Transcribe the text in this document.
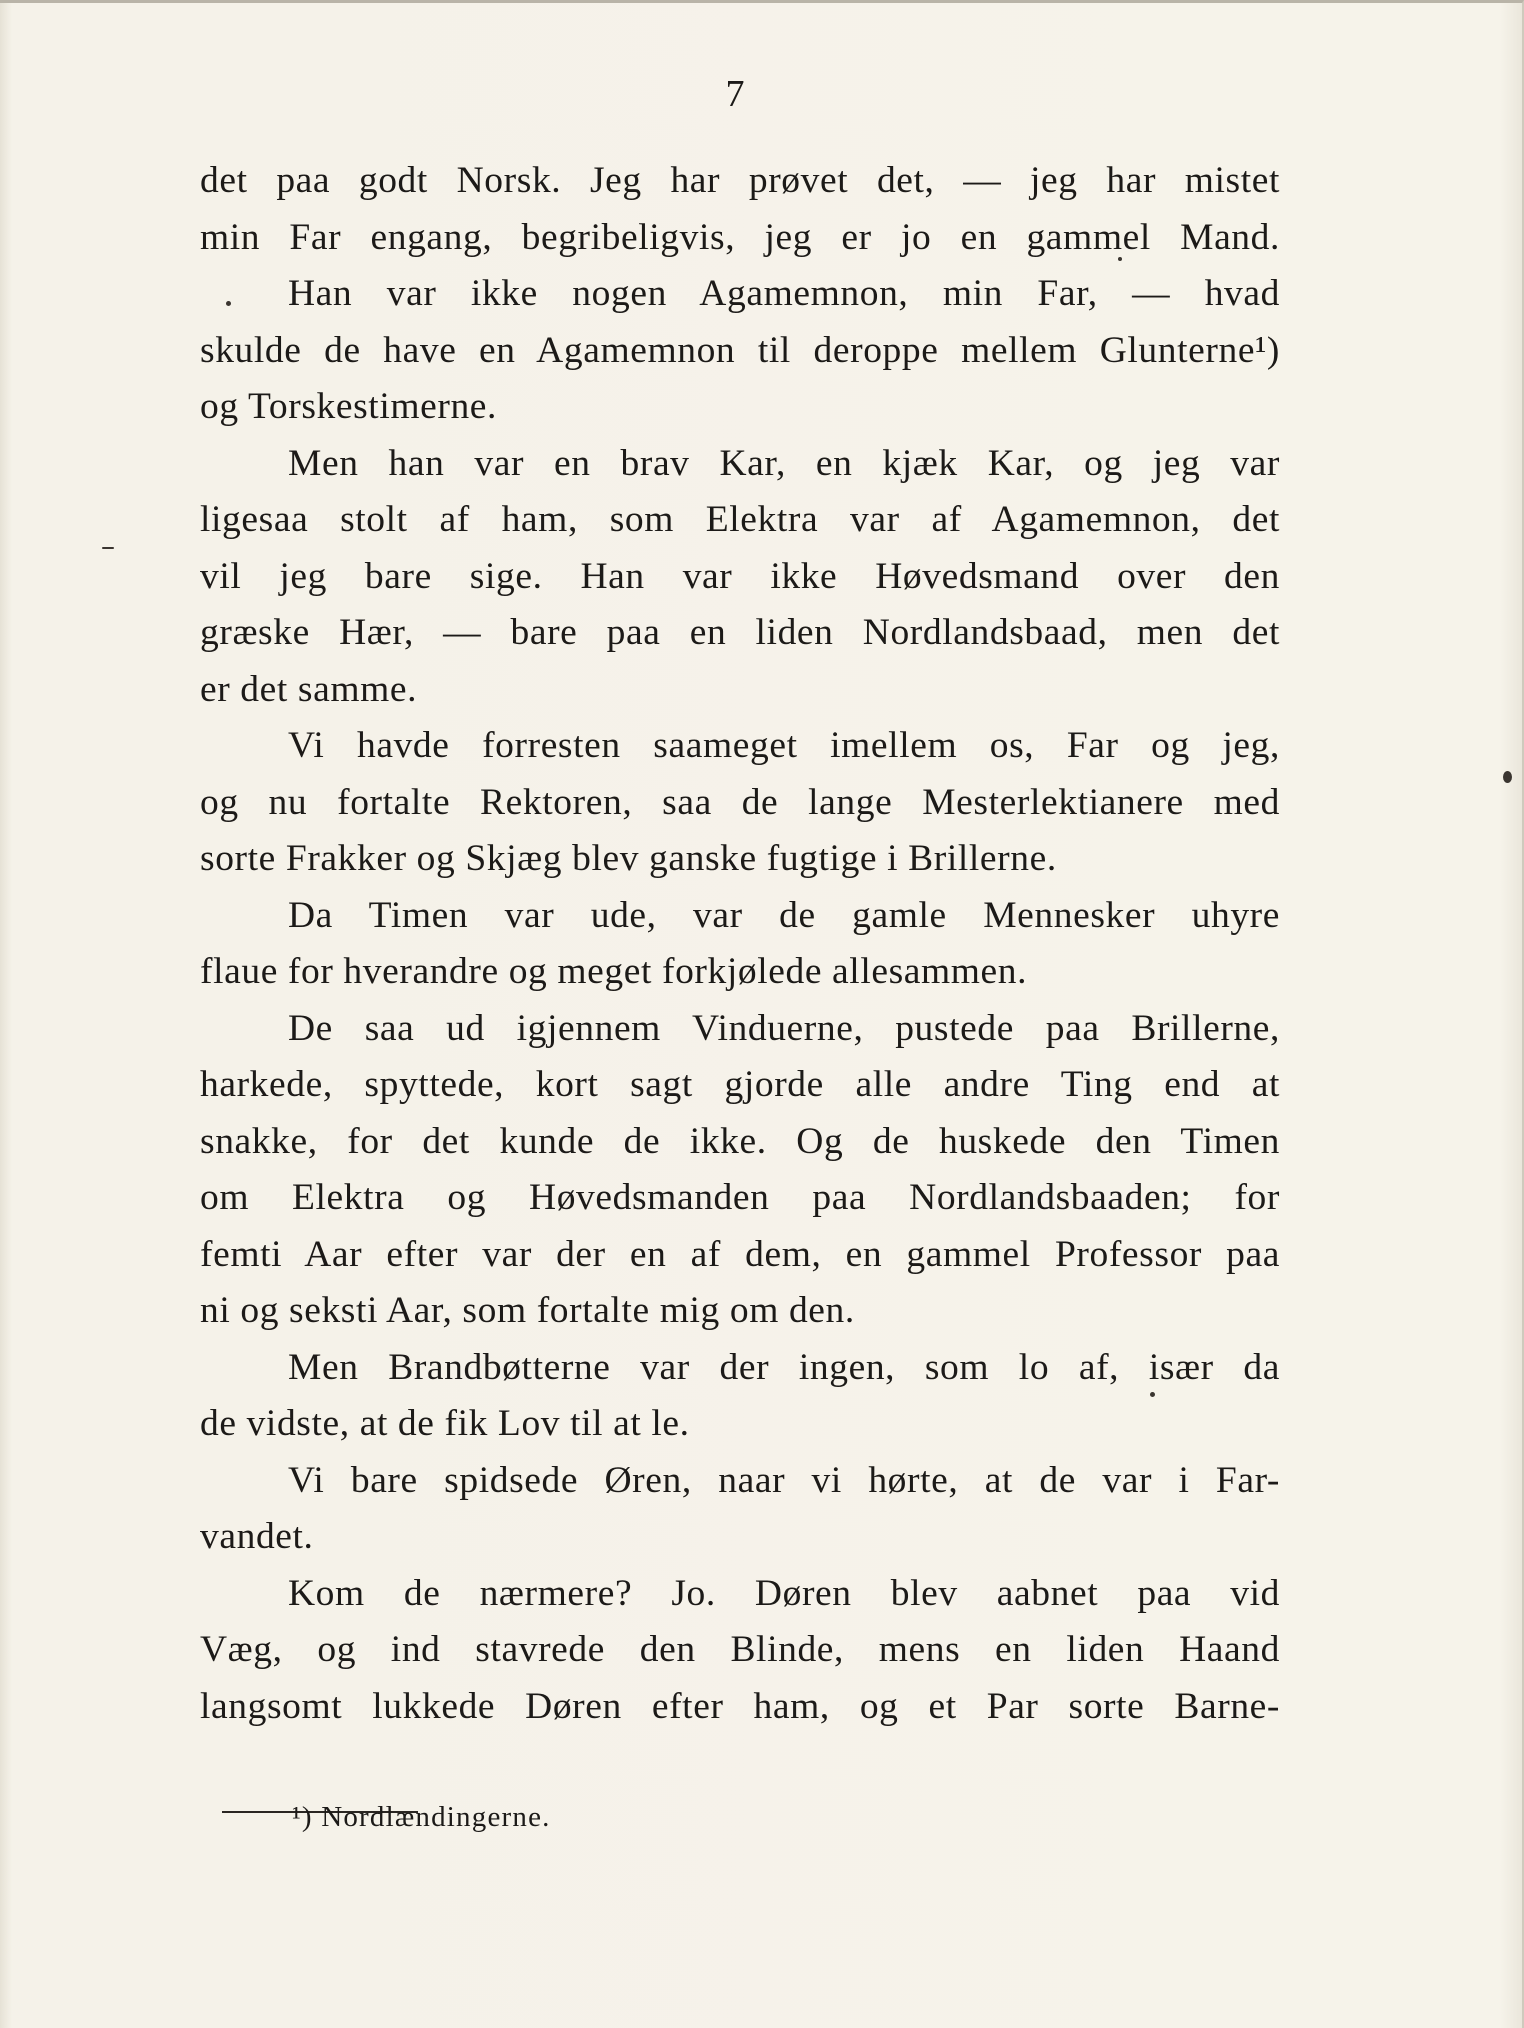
7
det paa godt Norsk. Jeg har prøvet det, — jeg har mistet
min Far engang, begribeligvis, jeg er jo en gammel Mand.
Han var ikke nogen Agamemnon, min Far, — hvad
skulde de have en Agamemnon til deroppe mellem Glunterne¹)
og Torskestimerne.
Men han var en brav Kar, en kjæk Kar, og jeg var
ligesaa stolt af ham, som Elektra var af Agamemnon, det
vil jeg bare sige. Han var ikke Høvedsmand over den
græske Hær, — bare paa en liden Nordlandsbaad, men det
er det samme.
Vi havde forresten saameget imellem os, Far og jeg,
og nu fortalte Rektoren, saa de lange Mesterlektianere med
sorte Frakker og Skjæg blev ganske fugtige i Brillerne.
Da Timen var ude, var de gamle Mennesker uhyre
flaue for hverandre og meget forkjølede allesammen.
De saa ud igjennem Vinduerne, pustede paa Brillerne,
harkede, spyttede, kort sagt gjorde alle andre Ting end at
snakke, for det kunde de ikke. Og de huskede den Timen
om Elektra og Høvedsmanden paa Nordlandsbaaden; for
femti Aar efter var der en af dem, en gammel Professor paa
ni og seksti Aar, som fortalte mig om den.
Men Brandbøtterne var der ingen, som lo af, især da
de vidste, at de fik Lov til at le.
Vi bare spidsede Øren, naar vi hørte, at de var i Far-
vandet.
Kom de nærmere? Jo. Døren blev aabnet paa vid
Væg, og ind stavrede den Blinde, mens en liden Haand
langsomt lukkede Døren efter ham, og et Par sorte Barne-
¹) Nordlændingerne.
